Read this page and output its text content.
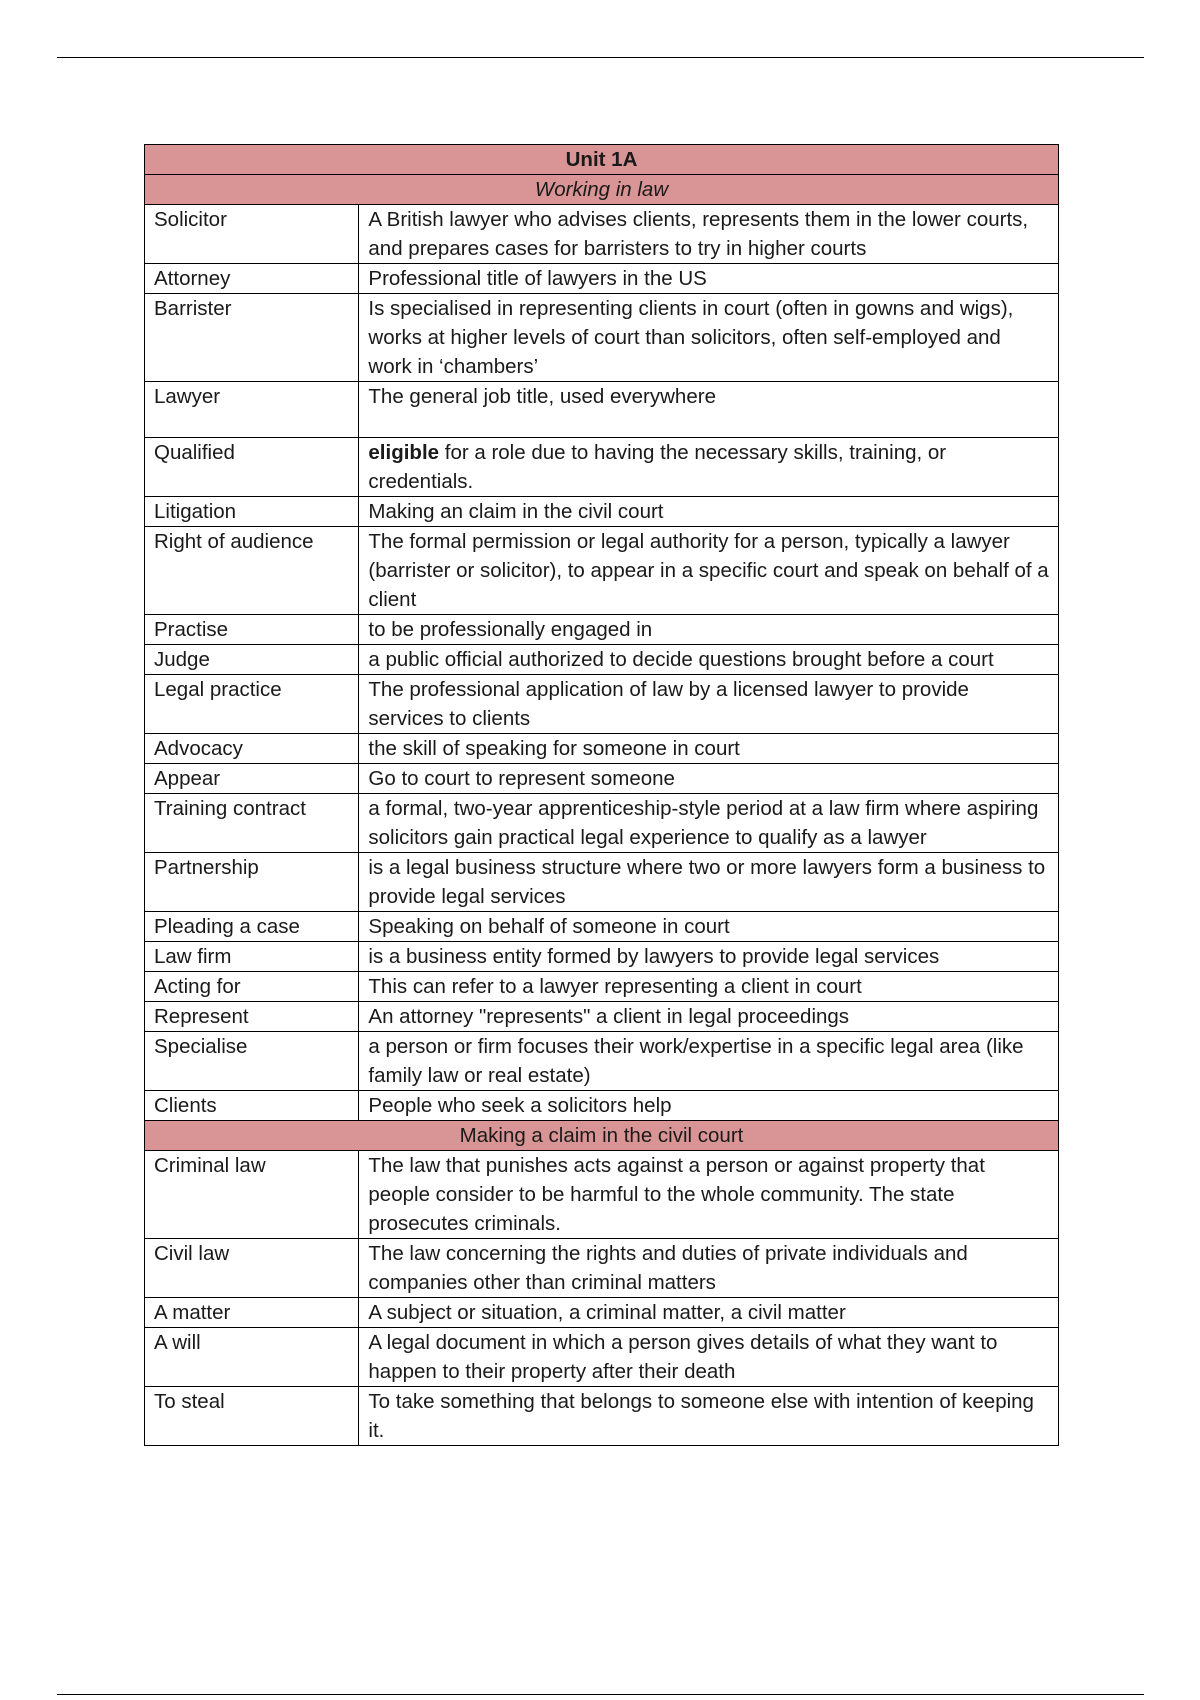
Unit 1A	
Working in law	
Solicitor	A British lawyer who advises clients, represents them in the lower courts, and prepares cases for barristers to try in higher courts
Attorney	Professional title of lawyers in the US
Barrister	Is specialised in representing clients in court (often in gowns and wigs), works at higher levels of court than solicitors, often self-employed and work in ‘chambers’
Lawyer	The general job title, used everywhere
Qualified	eligible for a role due to having the necessary skills, training, or credentials.
Litigation	Making an claim in the civil court
Right of audience	The formal permission or legal authority for a person, typically a lawyer (barrister or solicitor), to appear in a specific court and speak on behalf of a client
Practise	to be professionally engaged in
Judge	a public official authorized to decide questions brought before a court
Legal practice	The professional application of law by a licensed lawyer to provide services to clients
Advocacy	the skill of speaking for someone in court
Appear	Go to court to represent someone
Training contract	a formal, two-year apprenticeship-style period at a law firm where aspiring solicitors gain practical legal experience to qualify as a lawyer
Partnership	is a legal business structure where two or more lawyers form a business to provide legal services
Pleading a case	Speaking on behalf of someone in court
Law firm	is a business entity formed by lawyers to provide legal services
Acting for	This can refer to a lawyer representing a client in court
Represent	An attorney "represents" a client in legal proceedings
Specialise	a person or firm focuses their work/expertise in a specific legal area (like family law or real estate)
Clients	People who seek a solicitors help
Making a claim in the civil court	
Criminal law	The law that punishes acts against a person or against property that people consider to be harmful to the whole community. The state prosecutes criminals.
Civil law	The law concerning the rights and duties of private individuals and companies other than criminal matters
A matter	A subject or situation, a criminal matter, a civil matter
A will	A legal document in which a person gives details of what they want to happen to their property after their death
To steal	To take something that belongs to someone else with intention of keeping it.
